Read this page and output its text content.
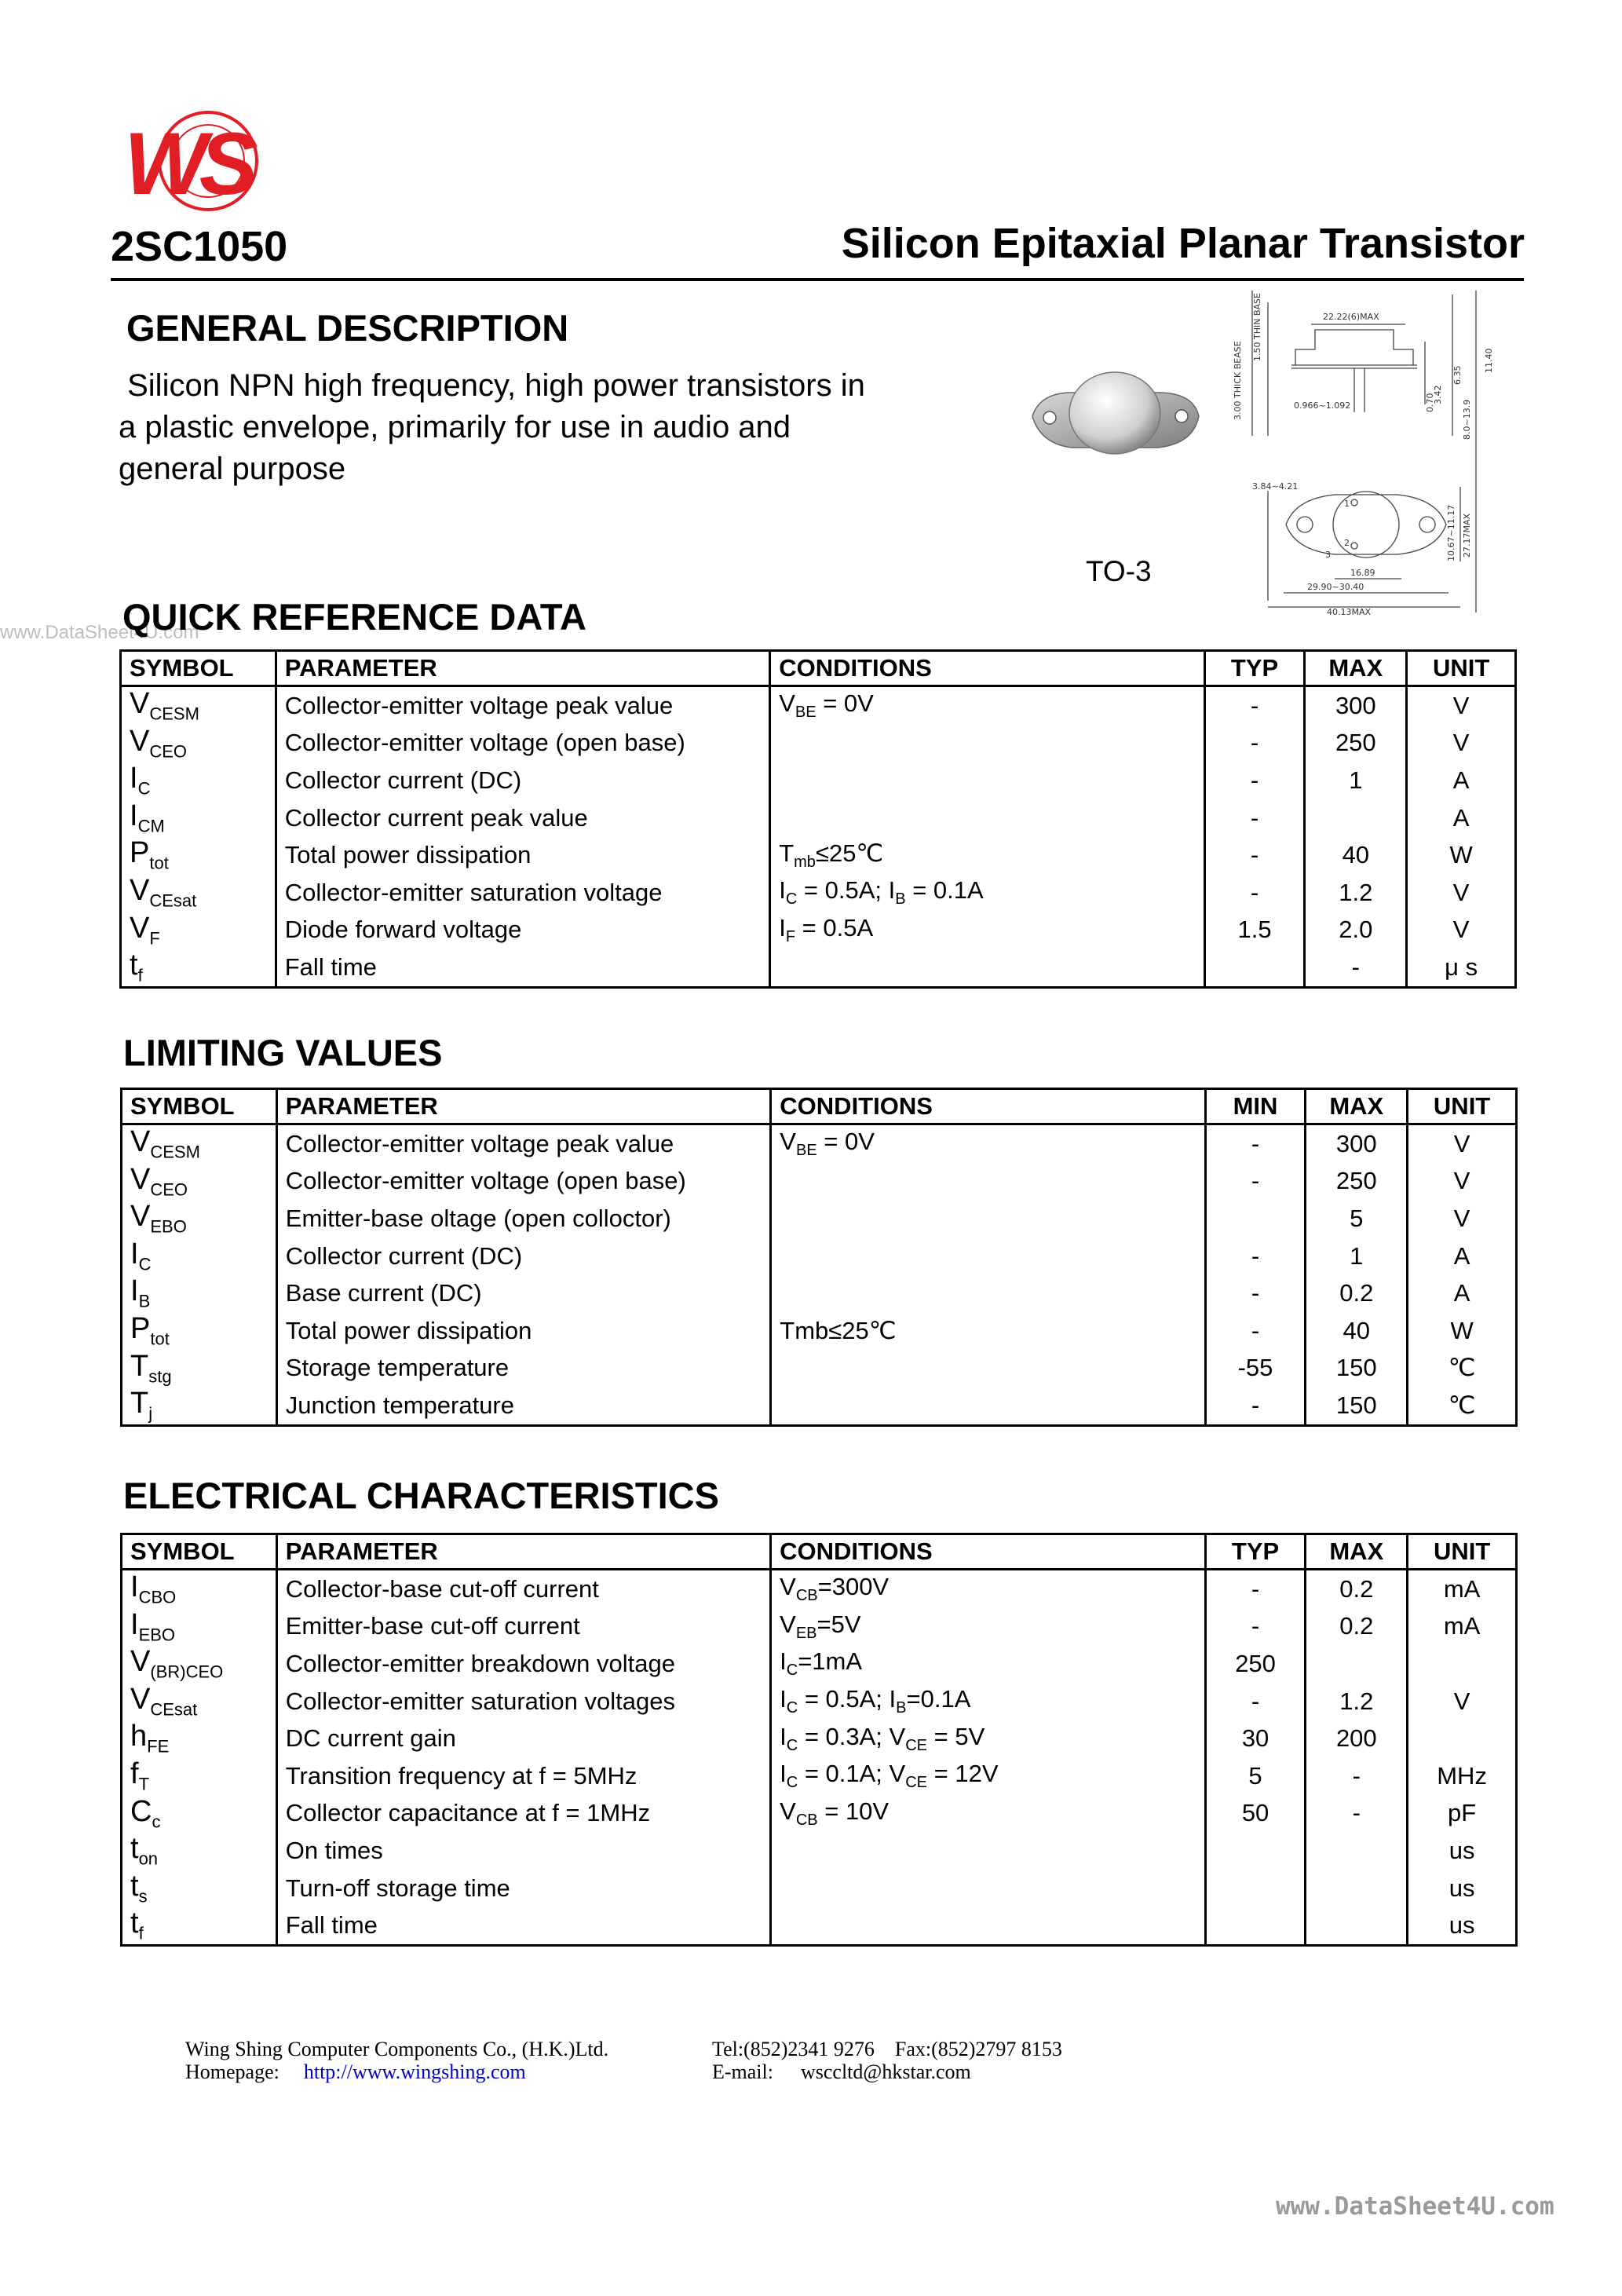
WS
2SC1050	Silicon Epitaxial Planar Transistor
GENERAL DESCRIPTION
Silicon NPN high frequency, high power transistors in
a plastic envelope, primarily for use in audio and
general purpose
TO-3
3.00 THICK BEASE
1.50 THIN BASE	22.22(6)MAX
0.966~1.092
11.40
6.35
8.0~13.9
3.42
0.70
3.84~4.21
10.67~11.17 27.17MAX
16.89
29.90~30.40
40.13MAX
1
2
3
www.DataSheet4U.com
QUICK REFERENCE DATA
SYMBOL	PARAMETER	CONDITIONS	TYP	MAX	UNIT
$V_{CESM}$	Collector-emitter voltage peak value	$V_{BE} = 0V$	-	300	V
$V_{CEO}$	Collector-emitter voltage (open base)		-	250	V
$I_C$	Collector current (DC)		-	1	A
$I_{CM}$	Collector current peak value		-		A
$P_{tot}$	Total power dissipation	$T_{mb}\le 25℃$	-	40	W
$V_{CEsat}$	Collector-emitter saturation voltage	$I_C = 0.5A$; $I_B = 0.1A$	-	1.2	V
$V_F$	Diode forward voltage	$I_F = 0.5A$	1.5	2.0	V
$t_f$	Fall time			-	μ s
LIMITING VALUES
SYMBOL	PARAMETER	CONDITIONS	MIN	MAX	UNIT
$V_{CESM}$	Collector-emitter voltage peak value	$V_{BE} = 0V$	-	300	V
$V_{CEO}$	Collector-emitter voltage (open base)		-	250	V
$V_{EBO}$	Emitter-base oltage (open colloctor)			5	V
$I_C$	Collector current (DC)		-	1	A
$I_B$	Base current (DC)		-	0.2	A
$P_{tot}$	Total power dissipation	Tmb≤25℃	-	40	W
$T_{stg}$	Storage temperature		-55	150	℃
$T_j$	Junction temperature		-	150	℃
ELECTRICAL CHARACTERISTICS
SYMBOL	PARAMETER	CONDITIONS	TYP	MAX	UNIT
$I_{CBO}$	Collector-base cut-off current	$V_{CB}=300V$	-	0.2	mA
$I_{EBO}$	Emitter-base cut-off current	$V_{EB}=5V$	-	0.2	mA
$V_{(BR)CEO}$	Collector-emitter breakdown voltage	$I_C=1mA$	250		
$V_{CEsat}$	Collector-emitter saturation voltages	$I_C = 0.5A$; $I_B=0.1A$	-	1.2	V
$h_{FE}$	DC current gain	$I_C = 0.3A$; $V_{CE} = 5V$	30	200	
$f_T$	Transition frequency at f = 5MHz	$I_C = 0.1A$; $V_{CE} = 12V$	5	-	MHz
$C_c$	Collector capacitance at f = 1MHz	$V_{CB} = 10V$	50	-	pF
$t_{on}$	On times				us
$t_s$	Turn-off storage time				us
$t_f$	Fall time				us
Wing Shing Computer Components Co., (H.K.)Ltd.
Homepage: http://www.wingshing.com
Tel:(852)2341 9276    Fax:(852)2797 8153
E-mail: wsccltd@hkstar.com
www.DataSheet4U.com
